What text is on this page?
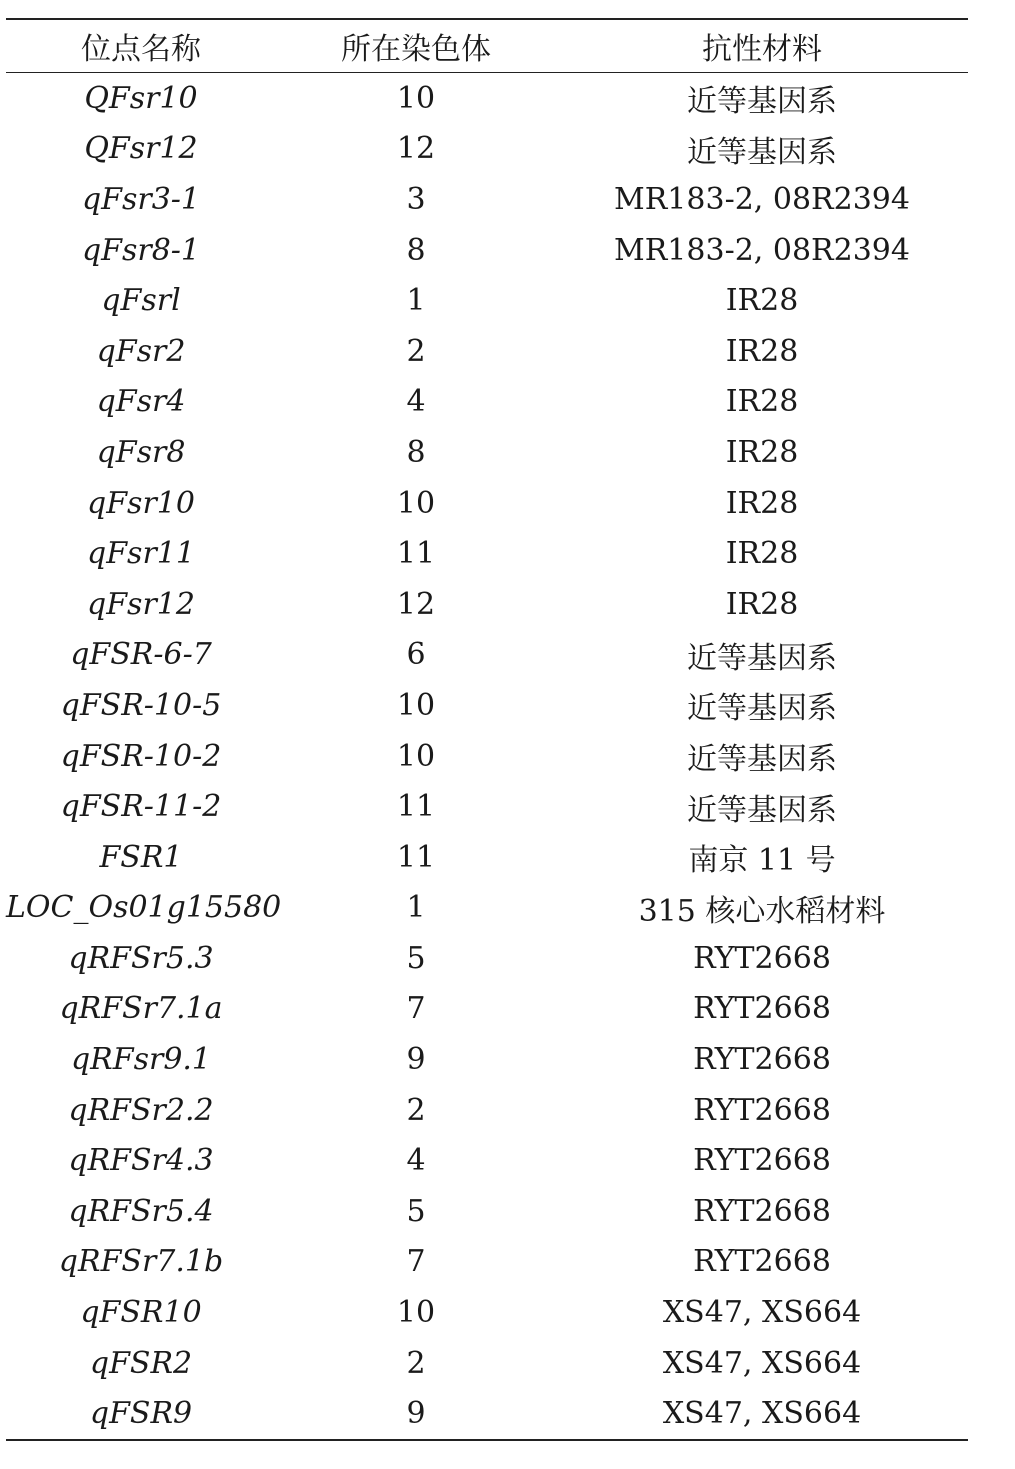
位点名称	所在染色体	抗性材料
QFsr10	10	近等基因系
QFsr12	12	近等基因系
qFsr3-1	3	MR183-2, 08R2394
qFsr8-1	8	MR183-2, 08R2394
qFsrl	1	IR28
qFsr2	2	IR28
qFsr4	4	IR28
qFsr8	8	IR28
qFsr10	10	IR28
qFsr11	11	IR28
qFsr12	12	IR28
qFSR-6-7	6	近等基因系
qFSR-10-5	10	近等基因系
qFSR-10-2	10	近等基因系
qFSR-11-2	11	近等基因系
FSR1	11	南京 11 号
LOC_Os01g15580	1	315 核心水稻材料
qRFSr5.3	5	RYT2668
qRFSr7.1a	7	RYT2668
qRFsr9.1	9	RYT2668
qRFSr2.2	2	RYT2668
qRFSr4.3	4	RYT2668
qRFSr5.4	5	RYT2668
qRFSr7.1b	7	RYT2668
qFSR10	10	XS47, XS664
qFSR2	2	XS47, XS664
qFSR9	9	XS47, XS664
